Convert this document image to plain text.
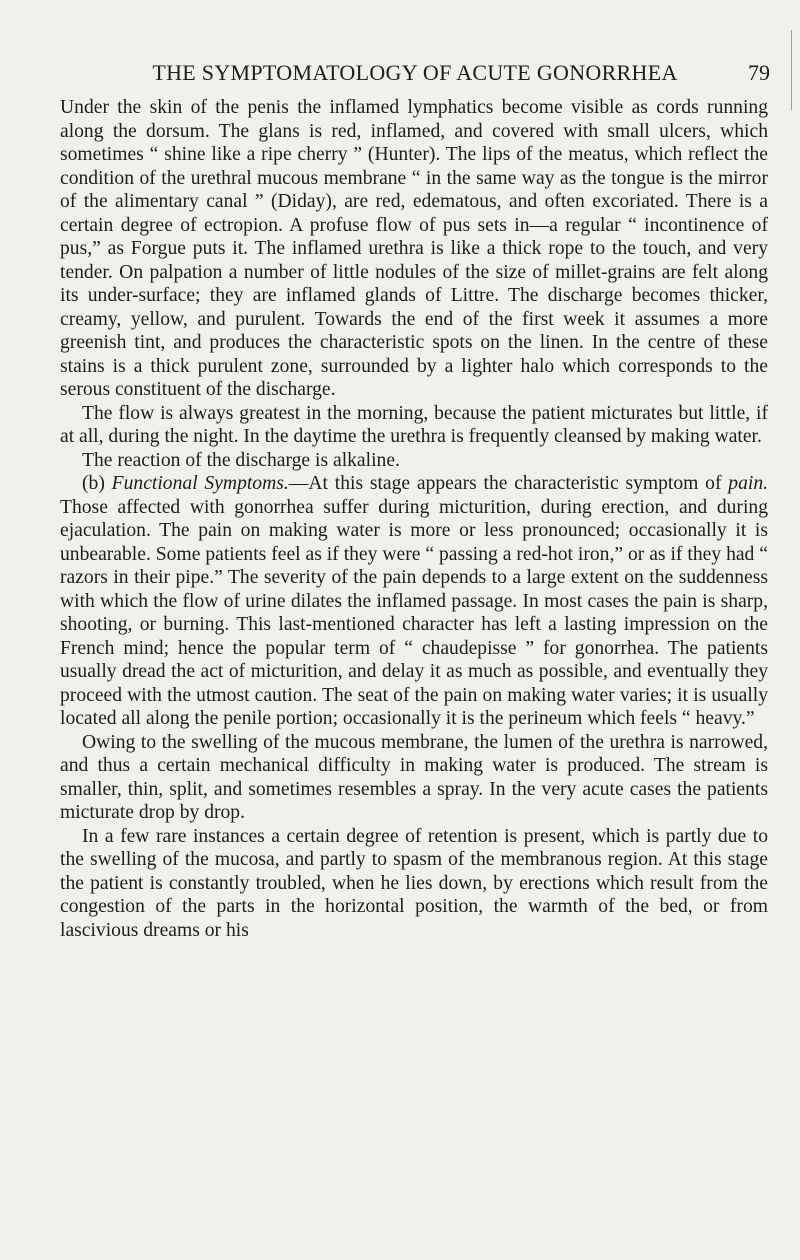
THE SYMPTOMATOLOGY OF ACUTE GONORRHEA	79

Under the skin of the penis the inflamed lymphatics become visible as cords running along the dorsum. The glans is red, inflamed, and covered with small ulcers, which sometimes “ shine like a ripe cherry ” (Hunter). The lips of the meatus, which reflect the condition of the urethral mucous membrane “ in the same way as the tongue is the mirror of the alimentary canal ” (Diday), are red, edematous, and often excoriated. There is a certain degree of ectropion. A profuse flow of pus sets in—a regular “ incontinence of pus,” as Forgue puts it. The inflamed urethra is like a thick rope to the touch, and very tender. On palpation a number of little nodules of the size of millet-grains are felt along its under-surface; they are inflamed glands of Littre. The discharge becomes thicker, creamy, yellow, and purulent. Towards the end of the first week it assumes a more greenish tint, and produces the characteristic spots on the linen. In the centre of these stains is a thick purulent zone, surrounded by a lighter halo which corresponds to the serous constituent of the discharge.

The flow is always greatest in the morning, because the patient micturates but little, if at all, during the night. In the daytime the urethra is frequently cleansed by making water.

The reaction of the discharge is alkaline.

(b) Functional Symptoms.—At this stage appears the characteristic symptom of pain. Those affected with gonorrhea suffer during micturition, during erection, and during ejaculation. The pain on making water is more or less pronounced; occasionally it is unbearable. Some patients feel as if they were “ passing a red-hot iron,” or as if they had “ razors in their pipe.” The severity of the pain depends to a large extent on the suddenness with which the flow of urine dilates the inflamed passage. In most cases the pain is sharp, shooting, or burning. This last-mentioned character has left a lasting impression on the French mind; hence the popular term of “ chaudepisse ” for gonorrhea. The patients usually dread the act of micturition, and delay it as much as possible, and eventually they proceed with the utmost caution. The seat of the pain on making water varies; it is usually located all along the penile portion; occasionally it is the perineum which feels “ heavy.”

Owing to the swelling of the mucous membrane, the lumen of the urethra is narrowed, and thus a certain mechanical difficulty in making water is produced. The stream is smaller, thin, split, and sometimes resembles a spray. In the very acute cases the patients micturate drop by drop.

In a few rare instances a certain degree of retention is present, which is partly due to the swelling of the mucosa, and partly to spasm of the membranous region. At this stage the patient is constantly troubled, when he lies down, by erections which result from the congestion of the parts in the horizontal position, the warmth of the bed, or from lascivious dreams or his
